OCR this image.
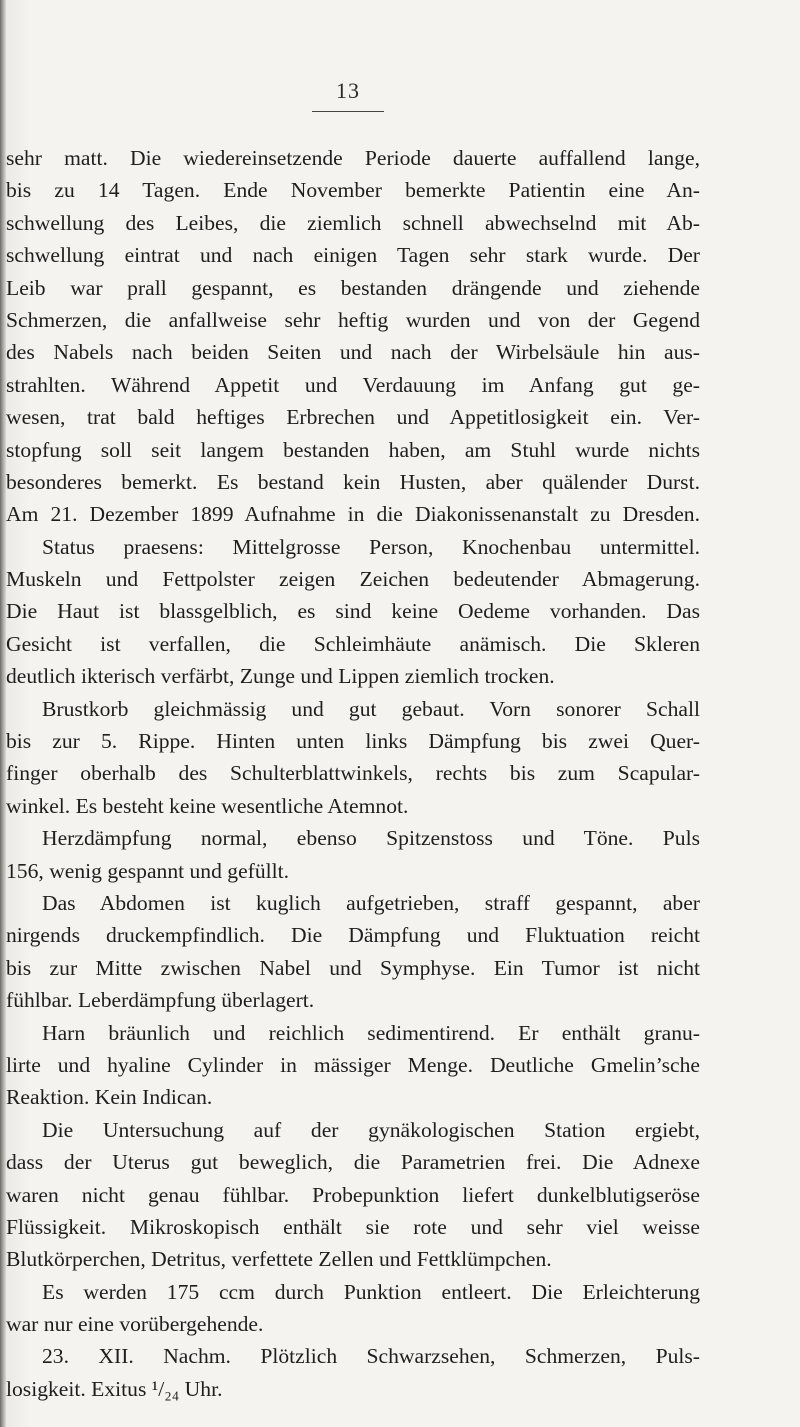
13
sehr matt. Die wiedereinsetzende Periode dauerte auffallend lange,
bis zu 14 Tagen. Ende November bemerkte Patientin eine An-
schwellung des Leibes, die ziemlich schnell abwechselnd mit Ab-
schwellung eintrat und nach einigen Tagen sehr stark wurde. Der
Leib war prall gespannt, es bestanden drängende und ziehende
Schmerzen, die anfallweise sehr heftig wurden und von der Gegend
des Nabels nach beiden Seiten und nach der Wirbelsäule hin aus-
strahlten. Während Appetit und Verdauung im Anfang gut ge-
wesen, trat bald heftiges Erbrechen und Appetitlosigkeit ein. Ver-
stopfung soll seit langem bestanden haben, am Stuhl wurde nichts
besonderes bemerkt. Es bestand kein Husten, aber quälender Durst.
Am 21. Dezember 1899 Aufnahme in die Diakonissenanstalt zu Dresden.
Status praesens: Mittelgrosse Person, Knochenbau untermittel.
Muskeln und Fettpolster zeigen Zeichen bedeutender Abmagerung.
Die Haut ist blassgelblich, es sind keine Oedeme vorhanden. Das
Gesicht ist verfallen, die Schleimhäute anämisch. Die Skleren
deutlich ikterisch verfärbt, Zunge und Lippen ziemlich trocken.
Brustkorb gleichmässig und gut gebaut. Vorn sonorer Schall
bis zur 5. Rippe. Hinten unten links Dämpfung bis zwei Quer-
finger oberhalb des Schulterblattwinkels, rechts bis zum Scapular-
winkel. Es besteht keine wesentliche Atemnot.
Herzdämpfung normal, ebenso Spitzenstoss und Töne. Puls
156, wenig gespannt und gefüllt.
Das Abdomen ist kuglich aufgetrieben, straff gespannt, aber
nirgends druckempfindlich. Die Dämpfung und Fluktuation reicht
bis zur Mitte zwischen Nabel und Symphyse. Ein Tumor ist nicht
fühlbar. Leberdämpfung überlagert.
Harn bräunlich und reichlich sedimentirend. Er enthält granu-
lirte und hyaline Cylinder in mässiger Menge. Deutliche Gmelin’sche
Reaktion. Kein Indican.
Die Untersuchung auf der gynäkologischen Station ergiebt,
dass der Uterus gut beweglich, die Parametrien frei. Die Adnexe
waren nicht genau fühlbar. Probepunktion liefert dunkelblutigseröse
Flüssigkeit. Mikroskopisch enthält sie rote und sehr viel weisse
Blutkörperchen, Detritus, verfettete Zellen und Fettklümpchen.
Es werden 175 ccm durch Punktion entleert. Die Erleichterung
war nur eine vorübergehende.
23. XII. Nachm. Plötzlich Schwarzsehen, Schmerzen, Puls-
losigkeit. Exitus ¹/₂₄ Uhr.
